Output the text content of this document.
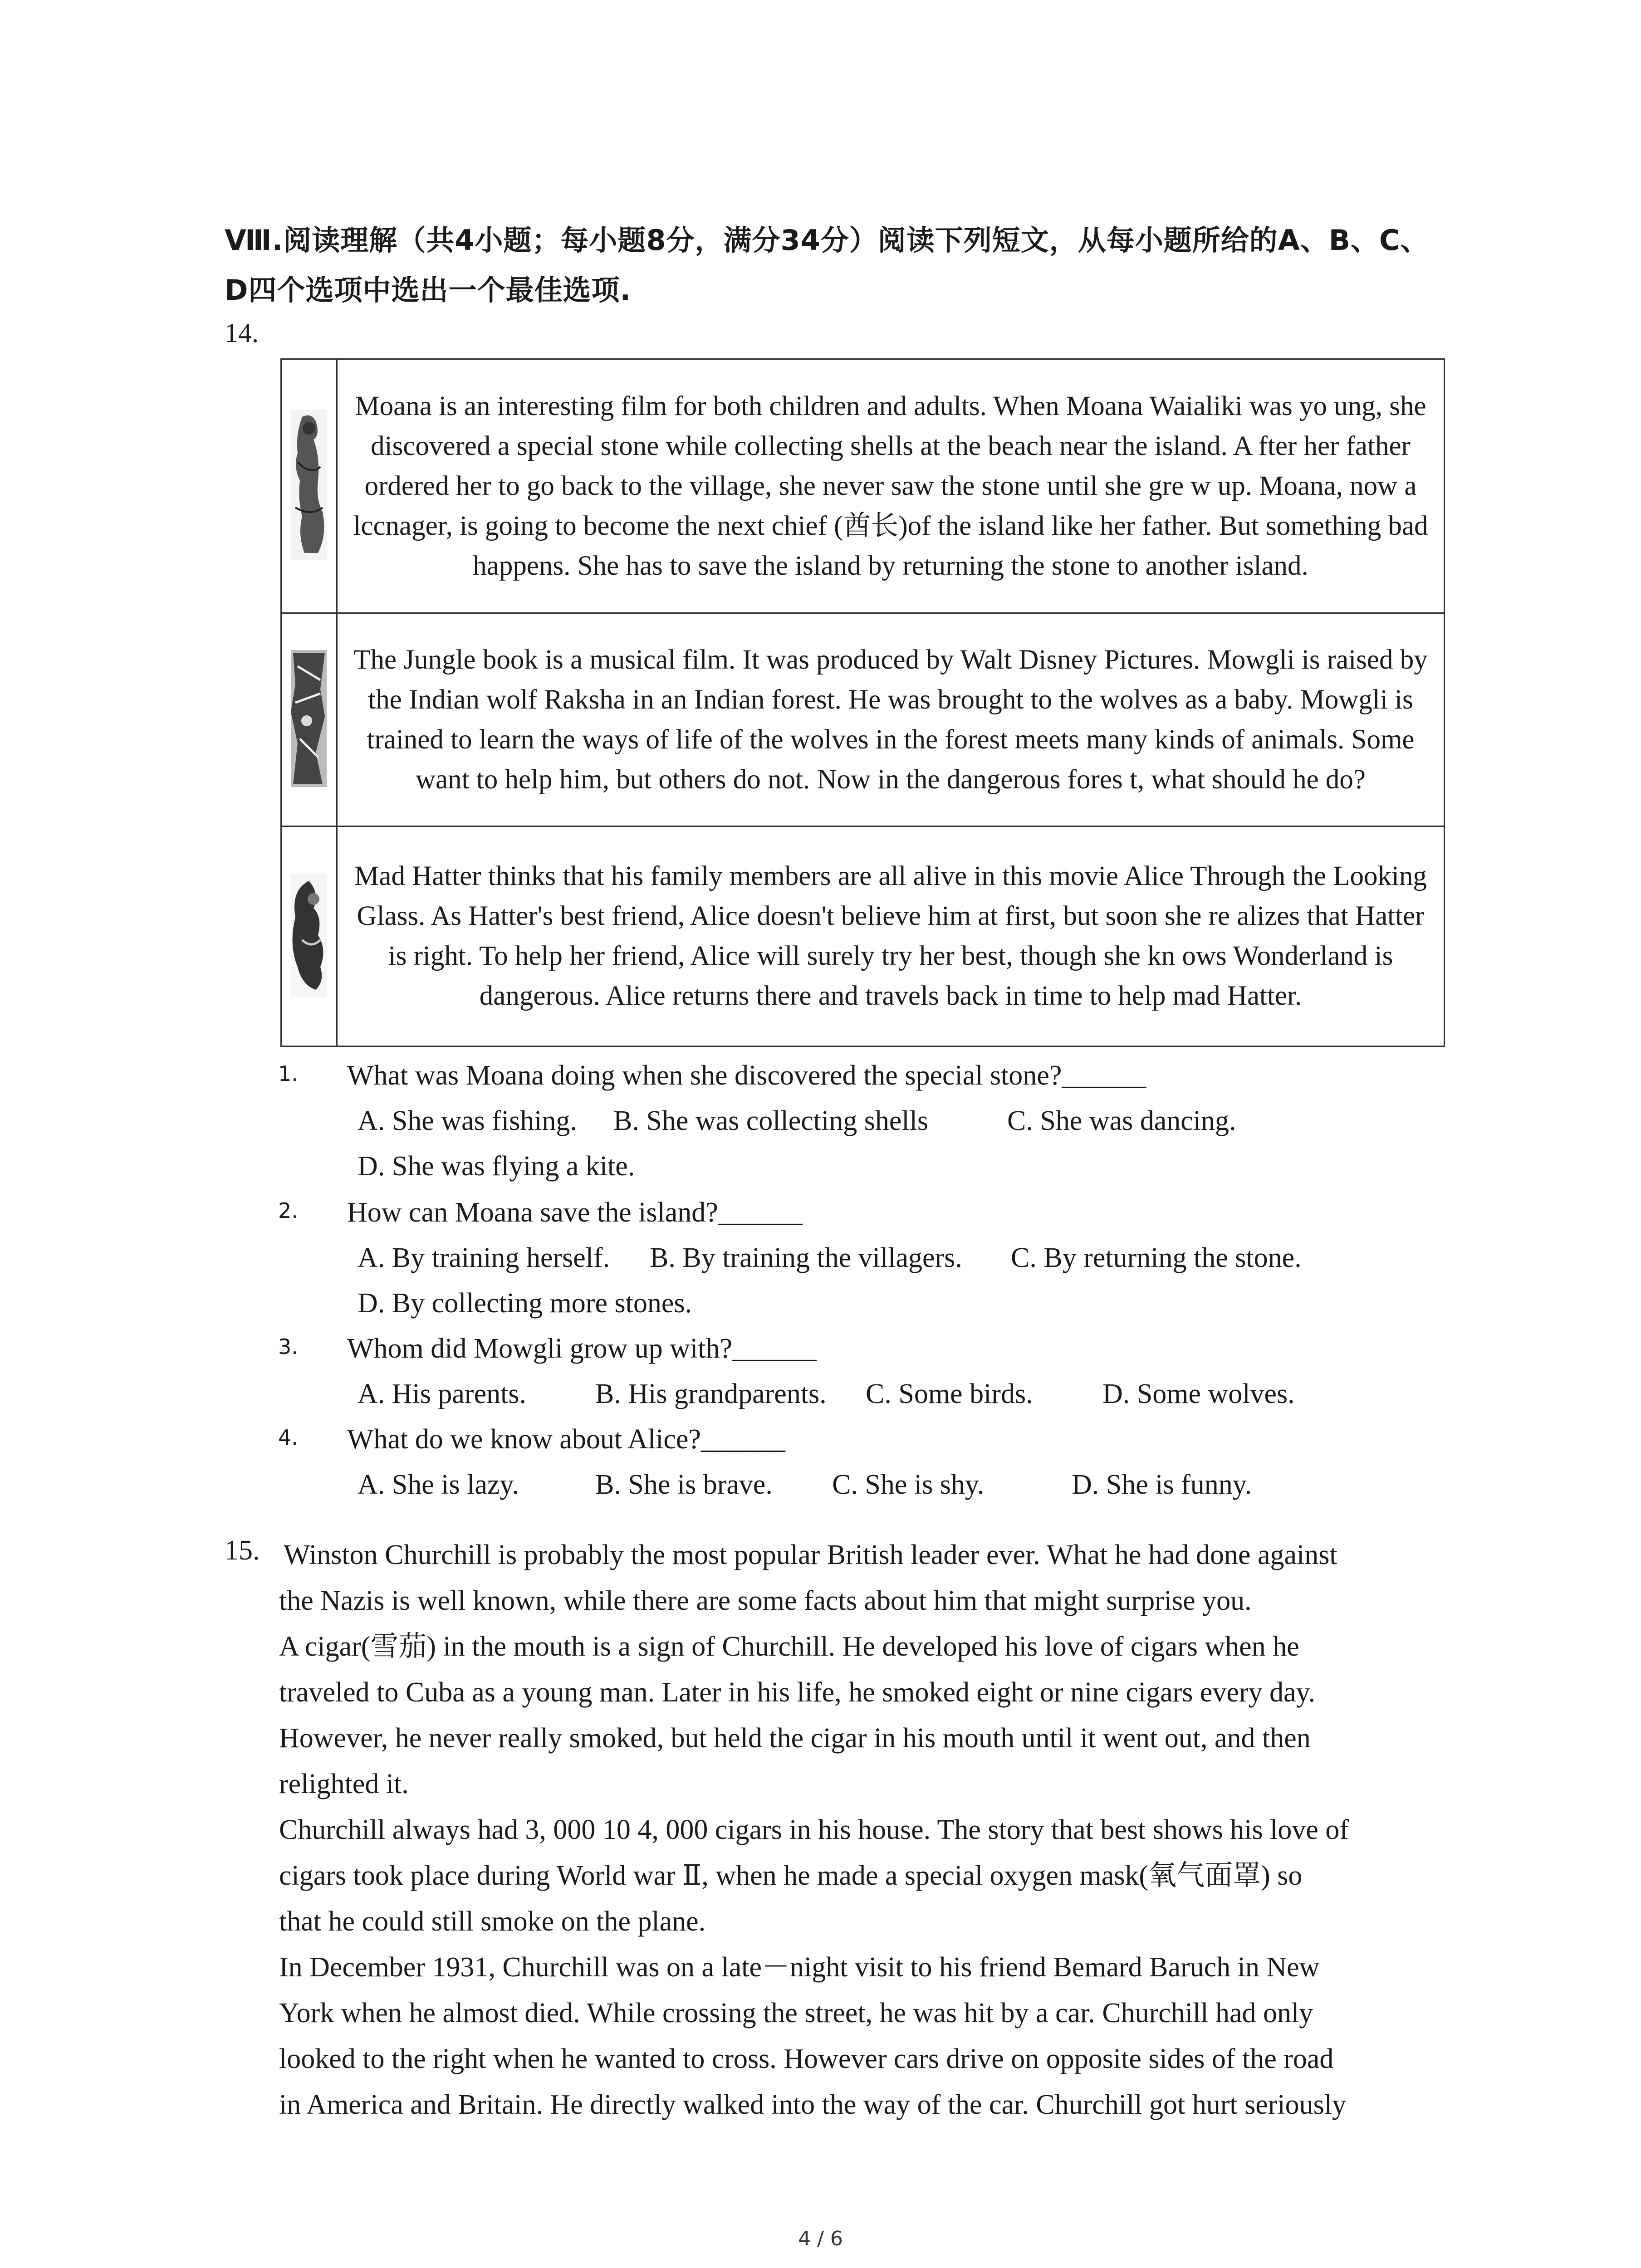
Ⅷ.阅读理解（共4小题；每小题8分，满分34分）阅读下列短文，从每小题所给的A、B、C、
D四个选项中选出一个最佳选项.
14.
	Moana is an interesting film for both children and adults. When Moana Waialiki was yo ung, she discovered a special stone while collecting shells at the beach near the island. A fter her father ordered her to go back to the village, she never saw the stone until she gre w up. Moana, now a lccnager, is going to become the next chief (酋长)of the island like her father. But something bad happens. She has to save the island by returning the stone to another island.
	The Jungle book is a musical film. It was produced by Walt Disney Pictures. Mowgli is raised by the Indian wolf Raksha in an Indian forest. He was brought to the wolves as a baby. Mowgli is trained to learn the ways of life of the wolves in the forest meets many kinds of animals. Some want to help him, but others do not. Now in the dangerous fores t, what should he do?
	Mad Hatter thinks that his family members are all alive in this movie Alice Through the Looking Glass. As Hatter's best friend, Alice doesn't believe him at first, but soon she re alizes that Hatter is right. To help her friend, Alice will surely try her best, though she kn ows Wonderland is dangerous. Alice returns there and travels back in time to help mad Hatter.
1. What was Moana doing when she discovered the special stone?______
A. She was fishing. B. She was collecting shells	C. She was dancing.
D. She was flying a kite.
2. How can Moana save the island?______
A. By training herself. B. By training the villagers. C. By returning the stone.
D. By collecting more stones.
3. Whom did Mowgli grow up with?______
A. His parents. B. His grandparents. C. Some birds. D. Some wolves.
4. What do we know about Alice?______
A. She is lazy.	B. She is brave. C. She is shy.	D. She is funny.
15. Winston Churchill is probably the most popular British leader ever. What he had done against
the Nazis is well known, while there are some facts about him that might surprise you.
A cigar(雪茄) in the mouth is a sign of Churchill. He developed his love of cigars when he
traveled to Cuba as a young man. Later in his life, he smoked eight or nine cigars every day.
However, he never really smoked, but held the cigar in his mouth until it went out, and then
relighted it.
Churchill always had 3, 000 10 4, 000 cigars in his house. The story that best shows his love of
cigars took place during World war Ⅱ, when he made a special oxygen mask(氧气面罩) so
that he could still smoke on the plane.
In December 1931, Churchill was on a late－night visit to his friend Bemard Baruch in New
York when he almost died. While crossing the street, he was hit by a car. Churchill had only
looked to the right when he wanted to cross. However cars drive on opposite sides of the road
in America and Britain. He directly walked into the way of the car. Churchill got hurt seriously
4 / 6
